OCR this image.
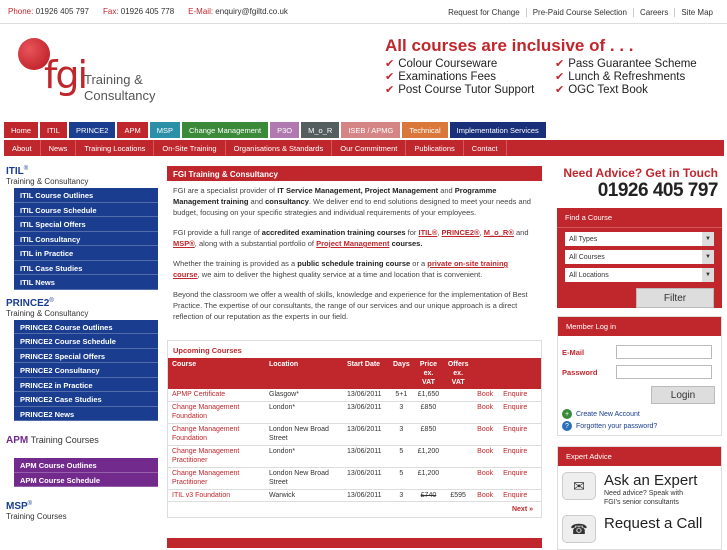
Phone: 01926 405 797 Fax: 01926 405 778 E-Mail: enquiry@fgiltd.co.uk	Request for Change	Pre-Paid Course Selection	Careers	Site Map
fgi
Training &
Consultancy
All courses are inclusive of . . .
✔ Colour Courseware
✔ Examinations Fees
✔ Post Course Tutor Support
✔ Pass Guarantee Scheme
✔ Lunch & Refreshments
✔ OGC Text Book
Home	ITIL	PRINCE2	APM	MSP	Change Management	P3O	M_o_R	ISEB / APMG	Technical	Implementation Services
About	News	Training Locations	On-Site Training	Organisations & Standards	Our Commitment	Publications	Contact
ITIL®
Training & Consultancy
ITIL Course Outlines
ITIL Course Schedule
ITIL Special Offers
ITIL Consultancy
ITIL in Practice
ITIL Case Studies
ITIL News
PRINCE2®
Training & Consultancy
PRINCE2 Course Outlines
PRINCE2 Course Schedule
PRINCE2 Special Offers
PRINCE2 Consultancy
PRINCE2 in Practice
PRINCE2 Case Studies
PRINCE2 News
APM Training Courses
APM Course Outlines
APM Course Schedule
MSP®
Training Courses
FGI Training & Consultancy

FGI are a specialist provider of IT Service Management, Project Management and Programme Management training and consultancy. We deliver end to end solutions designed to meet your needs and budget, focusing on your specific strategies and individual requirements of your employees.

FGI provide a full range of accredited examination training courses for ITIL®, PRINCE2®, M_o_R® and MSP®, along with a substantial portfolio of Project Management courses.

Whether the training is provided as a public schedule training course or a private on-site training course, we aim to deliver the highest quality service at a time and location that is convenient.

Beyond the classroom we offer a wealth of skills, knowledge and experience for the implementation of Best Practice. The expertise of our consultants, the range of our services and our unique approach is a direct reflection of our reputation as the experts in our field.

Upcoming Courses
Course	Location	Start Date	Days	Price ex. VAT	Offers ex. VAT		
APMP Certificate	Glasgow*	13/06/2011	5+1	£1,650		Book	Enquire
Change Management Foundation	London*	13/06/2011	3	£850		Book	Enquire
Change Management Foundation	London New Broad Street	13/06/2011	3	£850		Book	Enquire
Change Management Practitioner	London*	13/06/2011	5	£1,200		Book	Enquire
Change Management Practitioner	London New Broad Street	13/06/2011	5	£1,200		Book	Enquire
ITIL v3 Foundation	Warwick	13/06/2011	3	£740	£595	Book	Enquire
Next »
Need Advice? Get in Touch
01926 405 797
Find a Course
All Types	▼
All Courses	▼
All Locations	▼
Filter
Member Log in
E-Mail
Password
Login
+ Create New Account
?	Forgotten your password?
Expert Advice
✉	Ask an Expert
Need advice? Speak with
FGI's senior consultants
☎	Request a Call
